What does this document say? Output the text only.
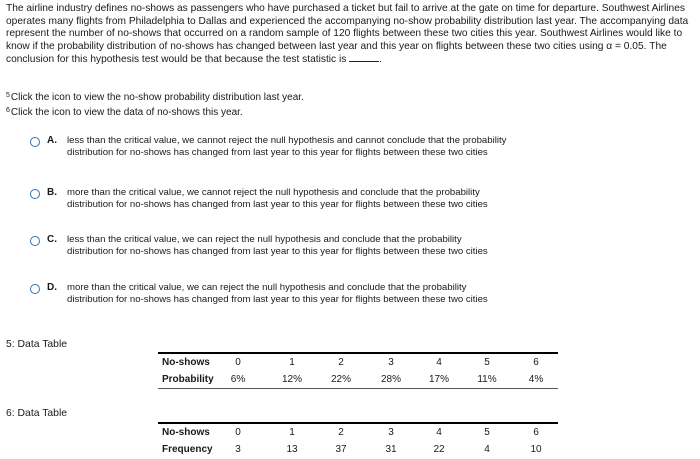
The airline industry defines no-shows as passengers who have purchased a ticket but fail to arrive at the gate on time for departure. Southwest Airlines operates many flights from Philadelphia to Dallas and experienced the accompanying no-show probability distribution last year. The accompanying data represent the number of no-shows that occurred on a random sample of 120 flights between these two cities this year. Southwest Airlines would like to know if the probability distribution of no-shows has changed between last year and this year on flights between these two cities using α = 0.05. The conclusion for this hypothesis test would be that because the test statistic is	.
$^5$Click the icon to view the no-show probability distribution last year.
$^6$Click the icon to view the data of no-shows this year.
A. less than the critical value, we cannot reject the null hypothesis and cannot conclude that the probability distribution for no-shows has changed from last year to this year for flights between these two cities
B. more than the critical value, we cannot reject the null hypothesis and conclude that the probability distribution for no-shows has changed from last year to this year for flights between these two cities
C. less than the critical value, we can reject the null hypothesis and conclude that the probability distribution for no-shows has changed from last year to this year for flights between these two cities
D. more than the critical value, we can reject the null hypothesis and conclude that the probability distribution for no-shows has changed from last year to this year for flights between these two cities
5: Data Table
No-shows	0	1	2	3	4	5	6
Probability	6%	12%	22%	28%	17%	11%	4%
6: Data Table
No-shows	0	1	2	3	4	5	6
Frequency	3	13	37	31	22	4	10
